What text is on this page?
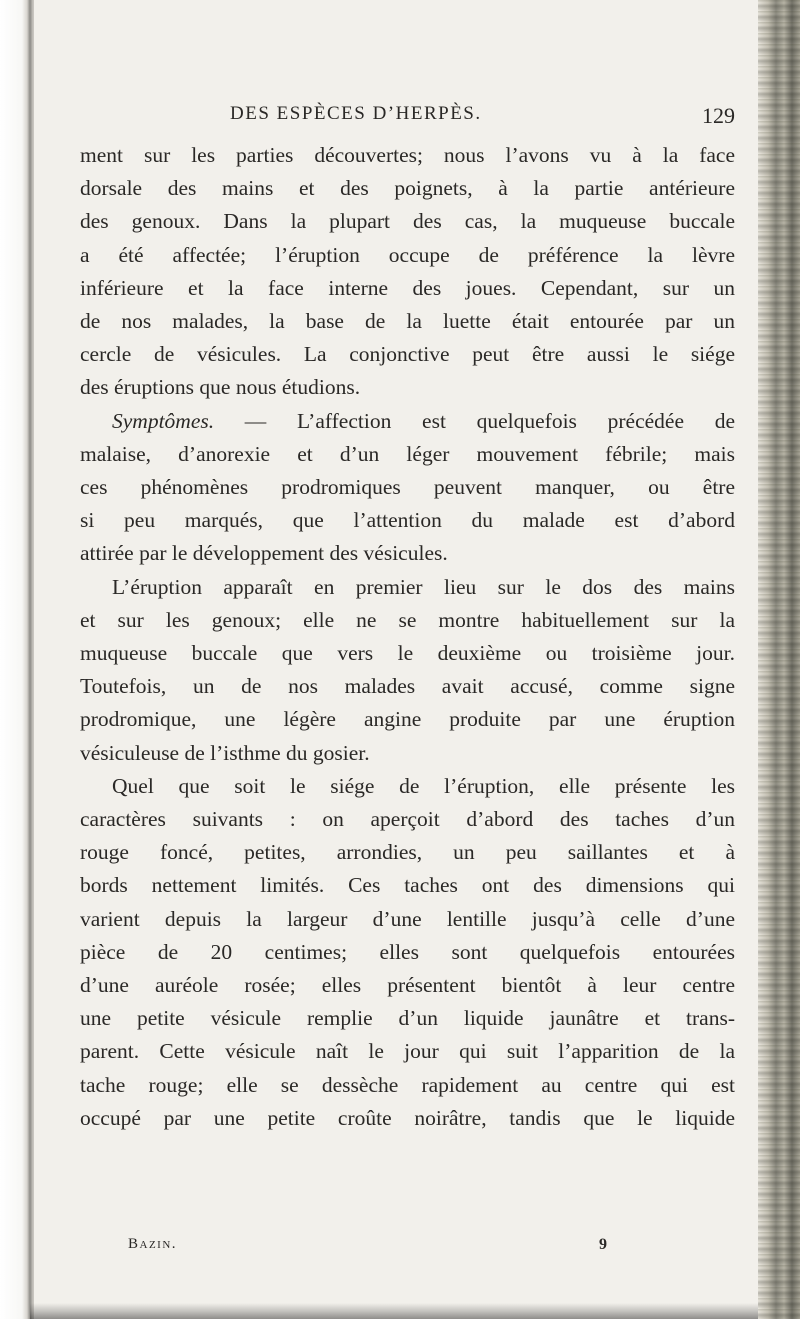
DES ESPÈCES D’HERPÈS.	129

ment sur les parties découvertes; nous l’avons vu à la face
dorsale des mains et des poignets, à la partie antérieure
des genoux. Dans la plupart des cas, la muqueuse buccale
a été affectée; l’éruption occupe de préférence la lèvre
inférieure et la face interne des joues. Cependant, sur un
de nos malades, la base de la luette était entourée par un
cercle de vésicules. La conjonctive peut être aussi le siége
des éruptions que nous étudions.

Symptômes. — L’affection est quelquefois précédée de
malaise, d’anorexie et d’un léger mouvement fébrile; mais
ces phénomènes prodromiques peuvent manquer, ou être
si peu marqués, que l’attention du malade est d’abord
attirée par le développement des vésicules.

L’éruption apparaît en premier lieu sur le dos des mains
et sur les genoux; elle ne se montre habituellement sur la
muqueuse buccale que vers le deuxième ou troisième jour.
Toutefois, un de nos malades avait accusé, comme signe
prodromique, une légère angine produite par une éruption
vésiculeuse de l’isthme du gosier.

Quel que soit le siége de l’éruption, elle présente les
caractères suivants : on aperçoit d’abord des taches d’un
rouge foncé, petites, arrondies, un peu saillantes et à
bords nettement limités. Ces taches ont des dimensions qui
varient depuis la largeur d’une lentille jusqu’à celle d’une
pièce de 20 centimes; elles sont quelquefois entourées
d’une auréole rosée; elles présentent bientôt à leur centre
une petite vésicule remplie d’un liquide jaunâtre et trans-
parent. Cette vésicule naît le jour qui suit l’apparition de la
tache rouge; elle se dessèche rapidement au centre qui est
occupé par une petite croûte noirâtre, tandis que le liquide

Bazin.	9
